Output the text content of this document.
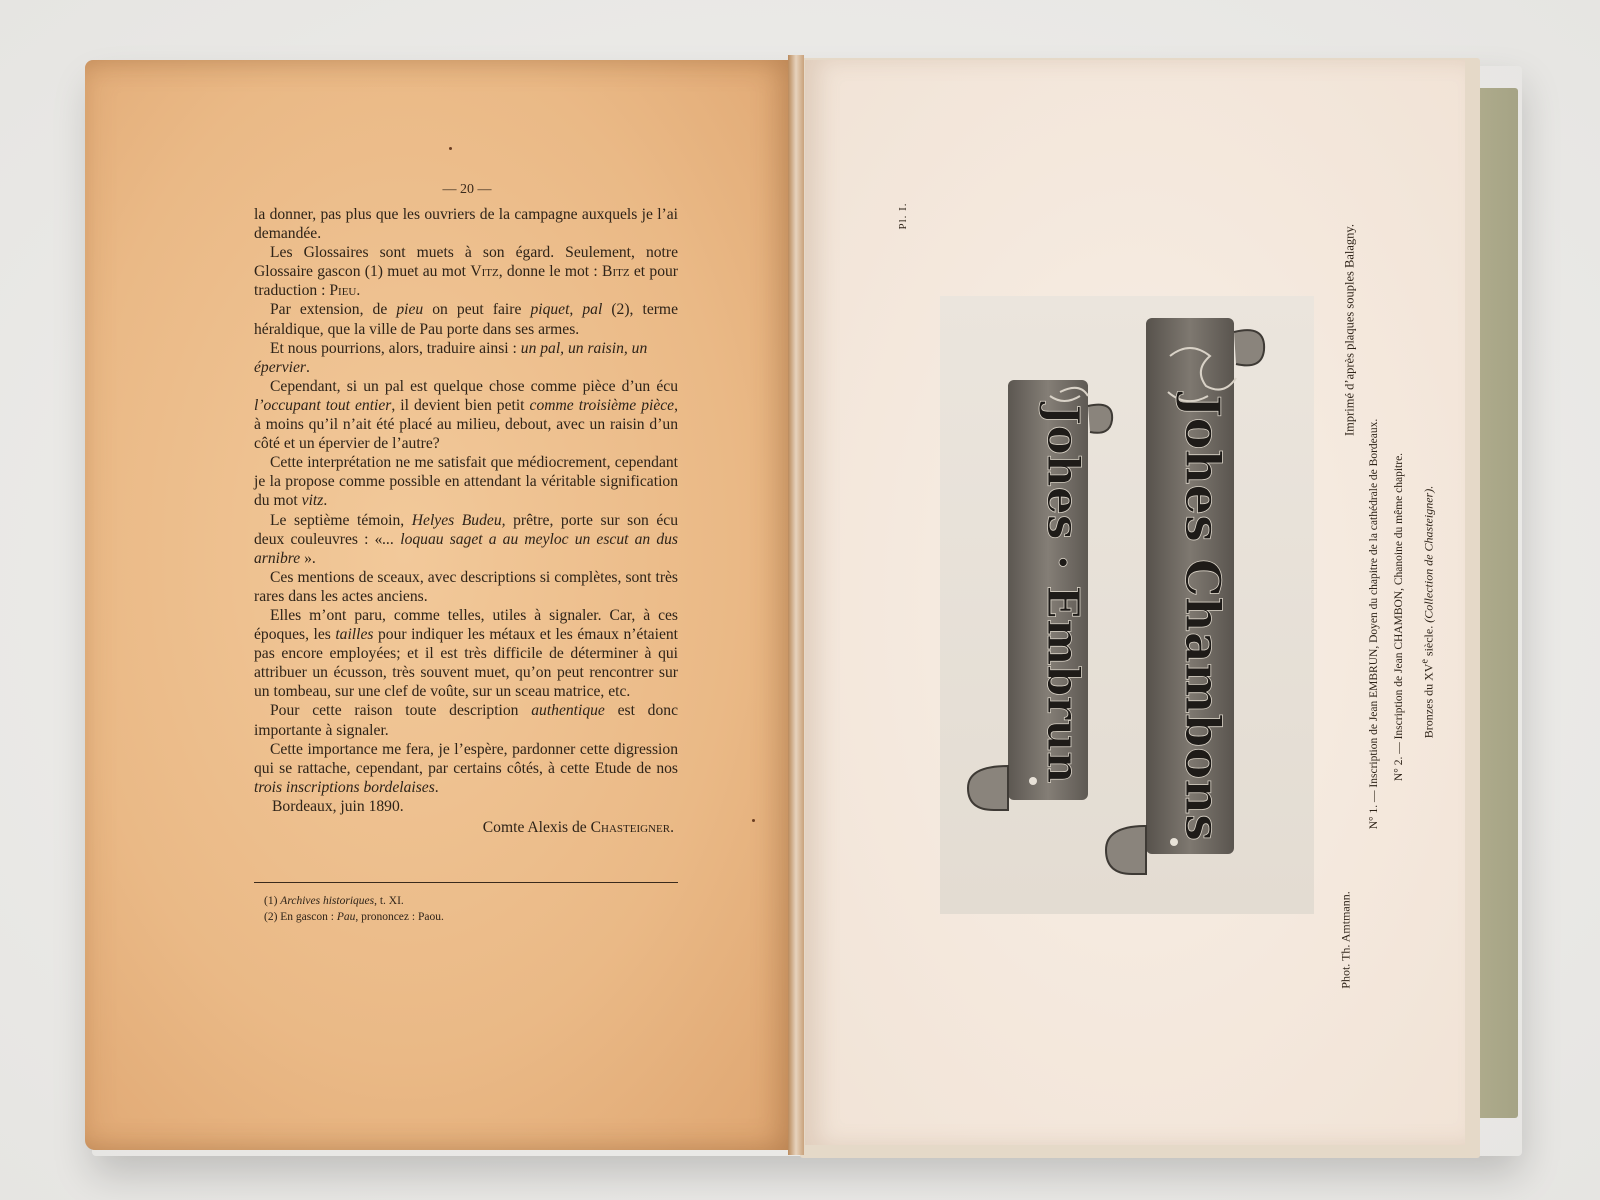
— 20 —

la donner, pas plus que les ouvriers de la campagne auxquels je l’ai demandée.

Les Glossaires sont muets à son égard. Seulement, notre Glossaire gascon (1) muet au mot Vitz, donne le mot : Bitz et pour traduction : Pieu.

Par extension, de pieu on peut faire piquet, pal (2), terme héraldique, que la ville de Pau porte dans ses armes.

Et nous pourrions, alors, traduire ainsi : un pal, un raisin, un épervier.

Cependant, si un pal est quelque chose comme pièce d’un écu l’occupant tout entier, il devient bien petit comme troisième pièce, à moins qu’il n’ait été placé au milieu, debout, avec un raisin d’un côté et un épervier de l’autre?

Cette interprétation ne me satisfait que médiocrement, cependant je la propose comme possible en attendant la véritable signification du mot vitz.

Le septième témoin, Helyes Budeu, prêtre, porte sur son écu deux couleuvres : «... loquau saget a au meyloc un escut an dus arnibre ».

Ces mentions de sceaux, avec descriptions si complètes, sont très rares dans les actes anciens.

Elles m’ont paru, comme telles, utiles à signaler. Car, à ces époques, les tailles pour indiquer les métaux et les émaux n’étaient pas encore employées; et il est très difficile de déterminer à qui attribuer un écusson, très souvent muet, qu’on peut rencontrer sur un tombeau, sur une clef de voûte, sur un sceau matrice, etc.

Pour cette raison toute description authentique est donc importante à signaler.

Cette importance me fera, je l’espère, pardonner cette digression qui se rattache, cependant, par certains côtés, à cette Etude de nos trois inscriptions bordelaises.

Bordeaux, juin 1890.

Comte Alexis de Chasteigner.

(1) Archives historiques, t. XI.

(2) En gascon : Pau, prononcez : Paou.

Pl. I.
Imprimé d’après plaques souples Balagny.
Phot. Th. Amtmann.
N° 1. — Inscription de Jean EMBRUN, Doyen du chapitre de la cathédrale de Bordeaux. N° 2. — Inscription de Jean CHAMBON, Chanoine du même chapitre. Bronzes du XVe siècle. (Collection de Chasteigner).
Johes · Embrun Johes Chambons
